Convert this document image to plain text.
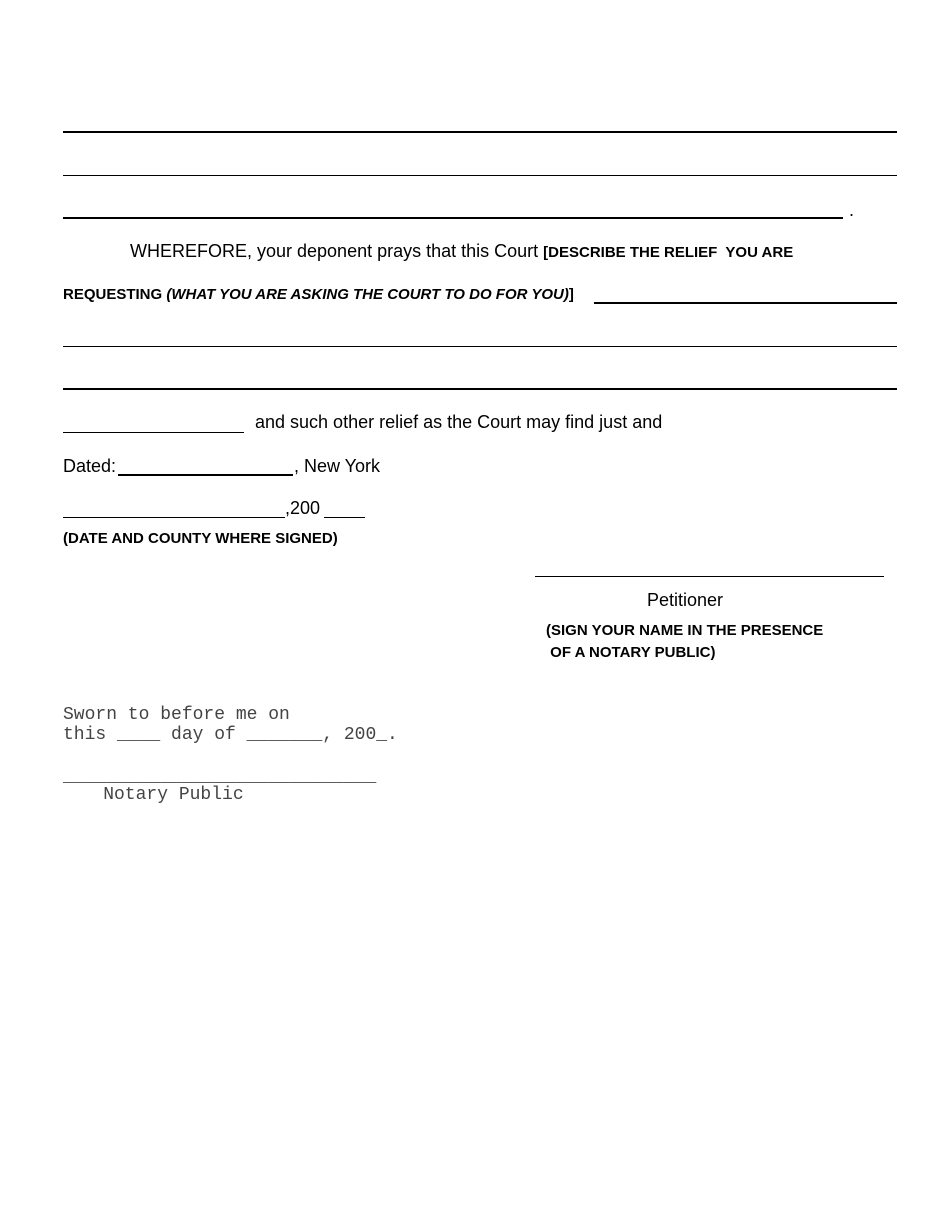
.
WHEREFORE, your deponent prays that this Court [DESCRIBE THE RELIEF  YOU ARE
REQUESTING (WHAT YOU ARE ASKING THE COURT TO DO FOR YOU)]
and such other relief as the Court may find just and
Dated:	, New York
,200
(DATE AND COUNTY WHERE SIGNED)
Petitioner
(SIGN YOUR NAME IN THE PRESENCE
OF A NOTARY PUBLIC)
Sworn to before me on
this ____ day of _______, 200_.
_____________________________
Notary Public
